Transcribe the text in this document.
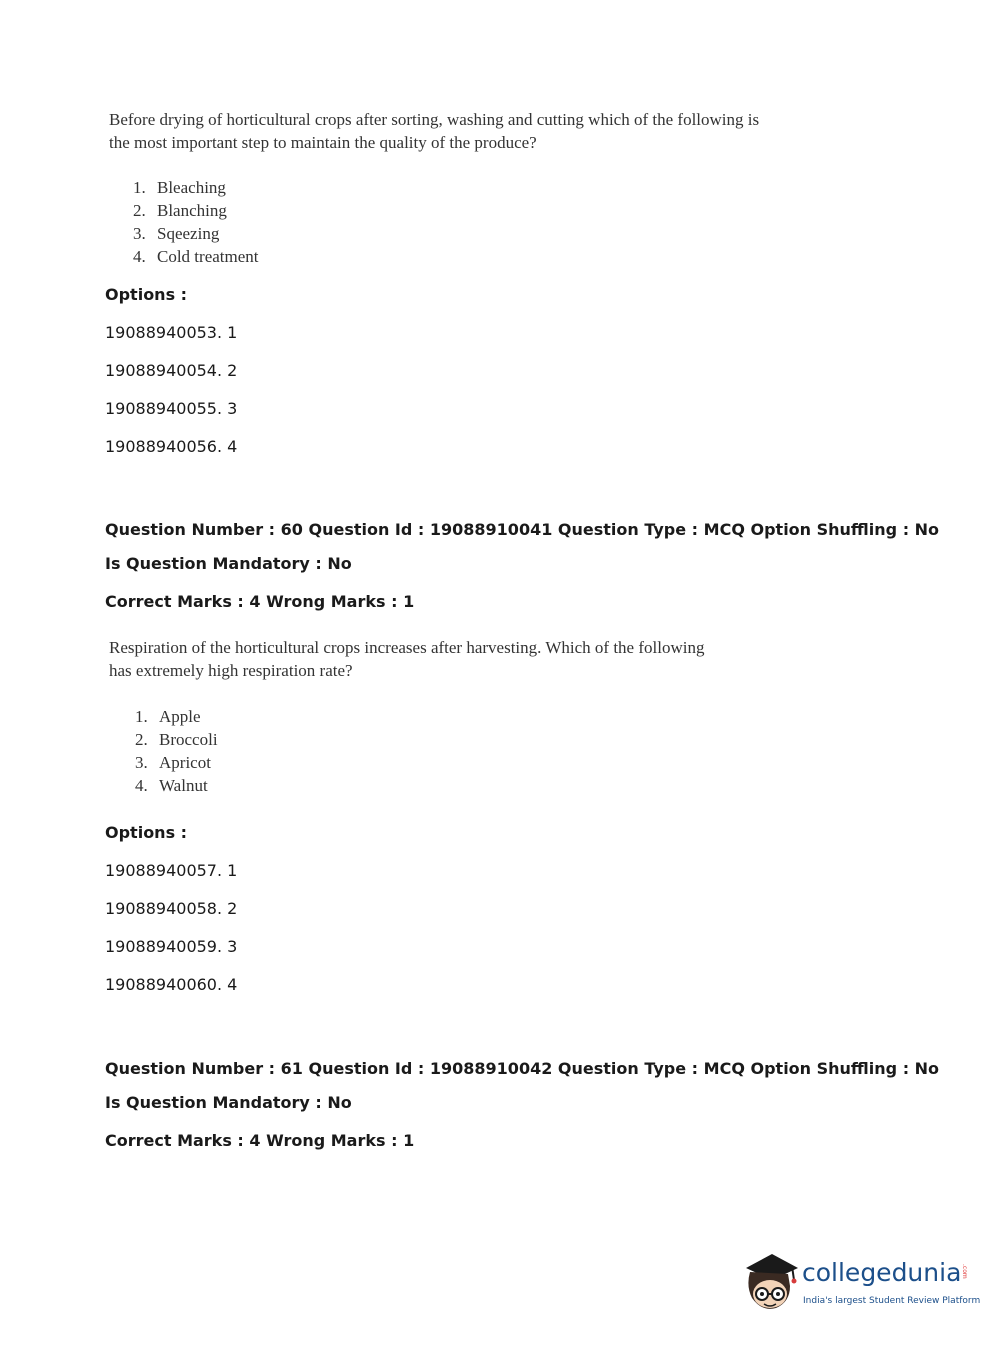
Before drying of horticultural crops after sorting, washing and cutting which of the following is
the most important step to maintain the quality of the produce?
1. Bleaching
2. Blanching
3. Sqeezing
4. Cold treatment
Options :
19088940053. 1
19088940054. 2
19088940055. 3
19088940056. 4
Question Number : 60 Question Id : 19088910041 Question Type : MCQ Option Shuffling : No
Is Question Mandatory : No
Correct Marks : 4 Wrong Marks : 1
Respiration of the horticultural crops increases after harvesting. Which of the following
has extremely high respiration rate?
1. Apple
2. Broccoli
3. Apricot
4. Walnut
Options :
19088940057. 1
19088940058. 2
19088940059. 3
19088940060. 4
Question Number : 61 Question Id : 19088910042 Question Type : MCQ Option Shuffling : No
Is Question Mandatory : No
Correct Marks : 4 Wrong Marks : 1
collegedunia .com
India's largest Student Review Platform
